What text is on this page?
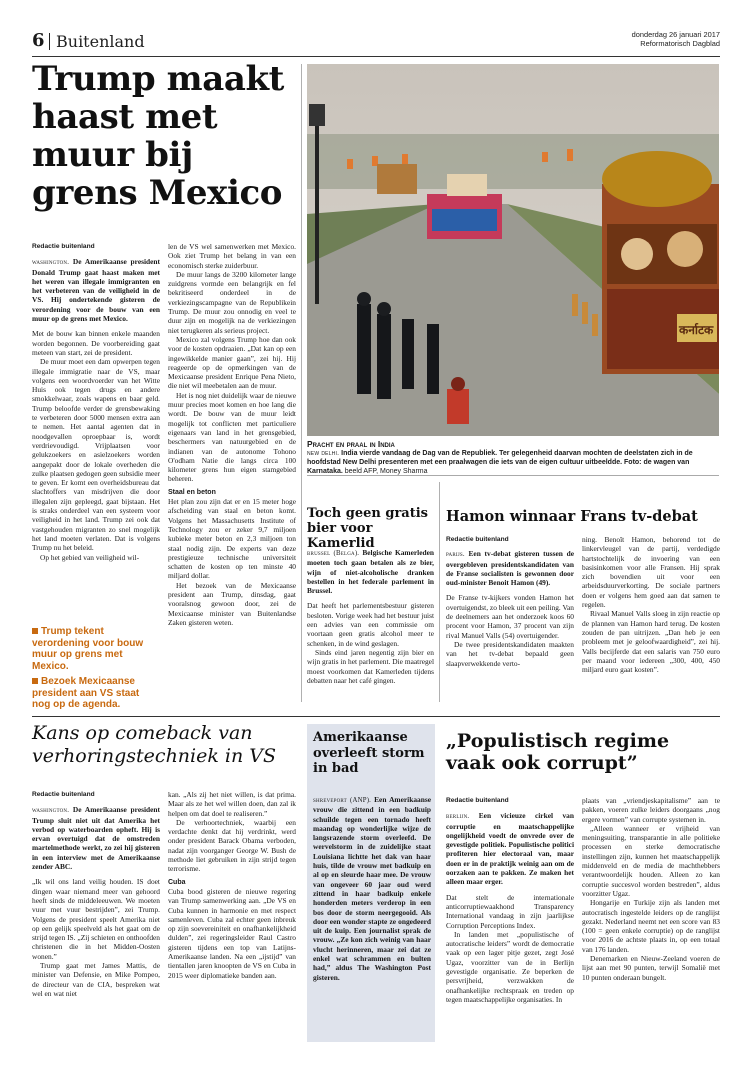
6 Buitenland	donderdag 26 januari 2017
Reformatorisch Dagblad
Trump maakt haast met muur bij grens Mexico

Redactie buitenland

washington. De Amerikaanse president Donald Trump gaat haast maken met het weren van illegale immigranten en het verbeteren van de veiligheid in de VS. Hij ondertekende gisteren de verordening voor de bouw van een muur op de grens met Mexico.

Met de bouw kan binnen enkele maanden worden begonnen. De voorbereiding gaat meteen van start, zei de president.

De muur moet een dam opwerpen tegen illegale immigratie naar de VS, maar volgens een woordvoerder van het Witte Huis ook tegen drugs en andere smokkelwaar, zoals wapens en baar geld. Trump beloofde verder de grensbewaking te verbeteren door 5000 mensen extra aan te nemen. Het aantal agenten dat in noodgevallen oproepbaar is, wordt verdrievoudigd. Vrijplaatsen voor gelukzoekers en asielzoekers worden aangepakt door de lokale overheden die zulke plaatsen gedogen geen subsidie meer te geven. Er komt een overheidsbureau dat slachtoffers van misdrijven die door illegalen zijn gepleegd, gaat bijstaan. Het is straks onderdeel van een systeem voor veiligheid in het land. Trump zei ook dat vastgehouden migranten zo snel mogelijk het land moeten verlaten. Dat is volgens Trump nu het beleid.

Op het gebied van veiligheid wil-

Trump tekent verordening voor bouw muur op grens met Mexico.
Bezoek Mexicaanse president aan VS staat nog op de agenda.

len de VS wel samenwerken met Mexico. Ook ziet Trump het belang in van een economisch sterke zuiderbuur.

De muur langs de 3200 kilometer lange zuidgrens vormde een belangrijk en fel bekritiseerd onderdeel in de verkiezingscampagne van de Republikein Trump. De muur zou onnodig en veel te duur zijn en mogelijk na de verkiezingen niet terugkeren als serieus project.

Mexico zal volgens Trump hoe dan ook voor de kosten opdraaien. „Dat kan op een ingewikkelde manier gaan”, zei hij. Hij reageerde op de opmerkingen van de Mexicaanse president Enrique Pena Nieto, die niet wil meebetalen aan de muur.

Het is nog niet duidelijk waar de nieuwe muur precies moet komen en hoe lang die wordt. De bouw van de muur leidt mogelijk tot conflicten met particuliere eigenaars van land in het grensgebied, beschermers van natuurgebied en de indianen van de autonome Tohono O'odham Natie die langs circa 100 kilometer grens hun eigen stamgebied beheren.

Staal en beton

Het plan zou zijn dat er en 15 meter hoge afscheiding van staal en beton komt. Volgens het Massachusetts Institute of Technology zou er zeker 9,7 miljoen kubieke meter beton en 2,3 miljoen ton staal nodig zijn. De experts van deze prestigieuze technische universiteit schatten de kosten op ten minste 40 miljard dollar.

Het bezoek van de Mexicaanse president aan Trump, dinsdag, gaat vooralsnog gewoon door, zei de Mexicaanse minister van Buitenlandse Zaken gisteren weten.

कर्नाटक
Pracht en praal in India
new delhi. India vierde vandaag de Dag van de Republiek. Ter gelegenheid daarvan mochten de deelstaten zich in de hoofdstad New Delhi presenteren met een praalwagen die iets van de eigen cultuur uitbeeldde. Foto: de wagen van Karnataka. beeld AFP, Money Sharma
Toch geen gratis bier voor Kamerlid

brussel (Belga). Belgische Kamerleden moeten toch gaan betalen als ze bier, wijn of niet-alcoholische dranken bestellen in het federale parlement in Brussel.

Dat heeft het parlementsbestuur gisteren besloten. Vorige week had het bestuur juist een advies van een commissie om voortaan geen gratis alcohol meer te schenken, in de wind geslagen.

Sinds eind jaren negentig zijn bier en wijn gratis in het parlement. Die maatregel moest voorkomen dat Kamerleden tijdens debatten naar het café gingen.

Hamon winnaar Frans tv-debat

Redactie buitenland

parijs. Een tv-debat gisteren tussen de overgebleven presidentskandidaten van de Franse socialisten is gewonnen door oud-minister Benoit Hamon (49).

De Franse tv-kijkers vonden Hamon het overtuigendst, zo bleek uit een peiling. Van de deelnemers aan het onderzoek koos 60 procent voor Hamon, 37 procent van zijn rival Manuel Valls (54) overtuigender.

De twee presidentskandidaten maakten van het tv-debat bepaald geen slaapverwekkende verto-

ning. Benoît Hamon, behorend tot de linkervleugel van de partij, verdedigde hartstochtelijk de invoering van een basisinkomen voor alle Fransen. Hij sprak zich bovendien uit voor een arbeidsduurverkorting. De sociale partners doen er volgens hem goed aan dat samen te regelen.

Rivaal Manuel Valls sloeg in zijn reactie op de plannen van Hamon hard terug. De kosten zouden de pan uitrijzen. „Dan heb je een probleem met je geloofwaardigheid”, zei hij. Valls becijferde dat een salaris van 750 euro per maand voor iedereen „300, 400, 450 miljard euro gaat kosten”.

Kans op comeback van verhoringstechniek in VS

Redactie buitenland

washington. De Amerikaanse president Trump sluit niet uit dat Amerika het verbod op waterboarden opheft. Hij is ervan overtuigd dat de omstreden martelmethode werkt, zo zei hij gisteren in een interview met de Amerikaanse zender ABC.

„Ik wil ons land veilig houden. IS doet dingen waar niemand meer van gehoord heeft sinds de middeleeuwen. We moeten vuur met vuur bestrijden”, zei Trump. Volgens de president speelt Amerika niet op een gelijk speelveld als het gaat om de strijd tegen IS. „Zij schieten en onthoofden christenen die in het Midden-Oosten wonen.”

Trump gaat met James Mattis, de minister van Defensie, en Mike Pompeo, de directeur van de CIA, bespreken wat wel en wat niet

kan. „Als zij het niet willen, is dat prima. Maar als ze het wel willen doen, dan zal ik helpen om dat doel te realiseren.”

De verhoortechniek, waarbij een verdachte denkt dat hij verdrinkt, werd onder president Barack Obama verboden, nadat zijn voorganger George W. Bush de methode liet gebruiken in zijn strijd tegen terrorisme.

Cuba

Cuba bood gisteren de nieuwe regering van Trump samenwerking aan. „De VS en Cuba kunnen in harmonie en met respect samenleven. Cuba zal echter geen inbreuk op zijn soevereiniteit en onafhankelijkheid dulden”, zei regeringsleider Raul Castro gisteren tijdens een top van Latijns-Amerikaanse landen. Na een „ijstijd” van tientallen jaren knoopten de VS en Cuba in 2015 weer diplomatieke banden aan.

Amerikaanse overleeft storm in bad

shreveport (ANP). Een Amerikaanse vrouw die zittend in een badkuip schuilde tegen een tornado heeft maandag op wonderlijke wijze de langsrazende storm overleefd. De wervelstorm in de zuidelijke staat Louisiana lichtte het dak van haar huis, tilde de vrouw met badkuip en al op en sleurde haar mee. De vrouw van ongeveer 60 jaar oud werd zittend in haar badkuip enkele honderden meters verderop in een bos door de storm neergegooid. Als door een wonder stapte ze ongedeerd uit de kuip. Een journalist sprak de vrouw. „Ze kon zich weinig van haar vlucht herinneren, maar zei dat ze enkel wat schrammen en bulten had,” aldus The Washington Post gisteren.

„Populistisch regime vaak ook corrupt”

Redactie buitenland

berlijn. Een vicieuze cirkel van corruptie en maatschappelijke ongelijkheid voedt de onvrede over de gevestigde politiek. Populistische politici profiteren hier electoraal van, maar doen er in de praktijk weinig aan om de oorzaken aan te pakken. Ze maken het alleen maar erger.

Dat stelt de internationale anticorruptiewaakhond Transparency International vandaag in zijn jaarlijkse Corruption Perceptions Index.

In landen met „populistische of autocratische leiders” wordt de democratie vaak op een lager pitje gezet, zegt José Ugaz, voorzitter van de in Berlijn gevestigde organisatie. Ze beperken de persvrijheid, verzwakken de onafhankelijke rechtspraak en treden op tegen maatschappelijke organisaties. In

plaats van „vriendjeskapitalisme” aan te pakken, voeren zulke leiders doorgaans „nog ergere vormen” van corrupte systemen in.

„Alleen wanneer er vrijheid van meningsuiting, transparantie in alle politieke processen en sterke democratische instellingen zijn, kunnen het maatschappelijk middenveld en de media de machthebbers verantwoordelijk houden. Alleen zo kan corruptie succesvol worden bestreden”, aldus voorzitter Ugaz.

Hongarije en Turkije zijn als landen met autocratisch ingestelde leiders op de ranglijst gezakt. Nederland neemt net een score van 83 (100 = geen enkele corruptie) op de ranglijst voor 2016 de achtste plaats in, op een totaal van 176 landen.

Denemarken en Nieuw-Zeeland voeren de lijst aan met 90 punten, terwijl Somalië met 10 punten onderaan bungelt.
